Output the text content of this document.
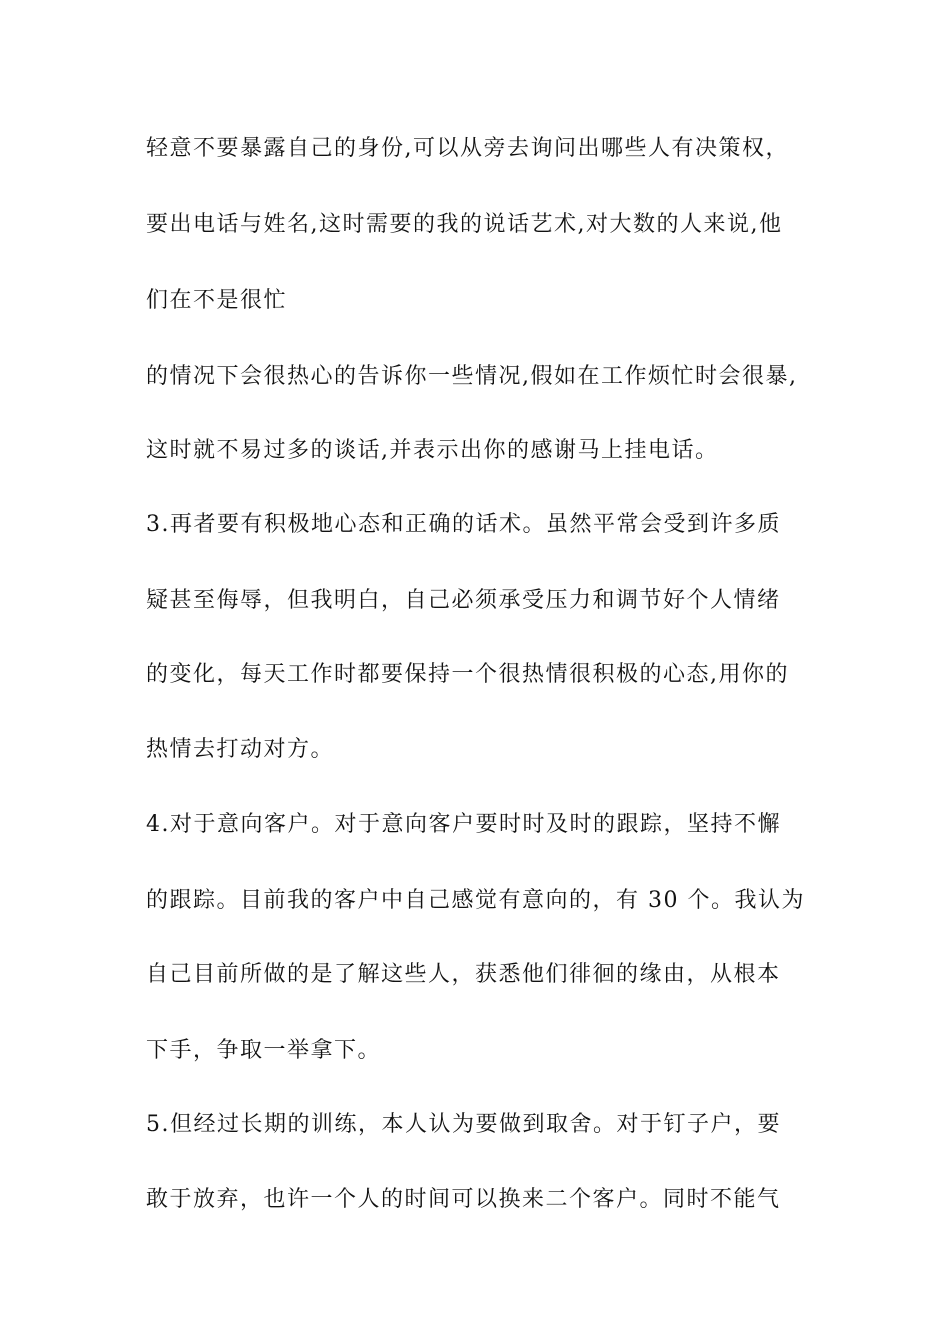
轻意不要暴露自己的身份,可以从旁去询问出哪些人有决策权，
要出电话与姓名,这时需要的我的说话艺术,对大数的人来说,他
们在不是很忙
的情况下会很热心的告诉你一些情况,假如在工作烦忙时会很暴,
这时就不易过多的谈话,并表示出你的感谢马上挂电话。
3.再者要有积极地心态和正确的话术。虽然平常会受到许多质
疑甚至侮辱，但我明白，自己必须承受压力和调节好个人情绪
的变化，每天工作时都要保持一个很热情很积极的心态,用你的
热情去打动对方。
4.对于意向客户。对于意向客户要时时及时的跟踪，坚持不懈
的跟踪。目前我的客户中自己感觉有意向的，有 30 个。我认为
自己目前所做的是了解这些人，获悉他们徘徊的缘由，从根本
下手，争取一举拿下。
5.但经过长期的训练，本人认为要做到取舍。对于钉子户，要
敢于放弃，也许一个人的时间可以换来二个客户。同时不能气
